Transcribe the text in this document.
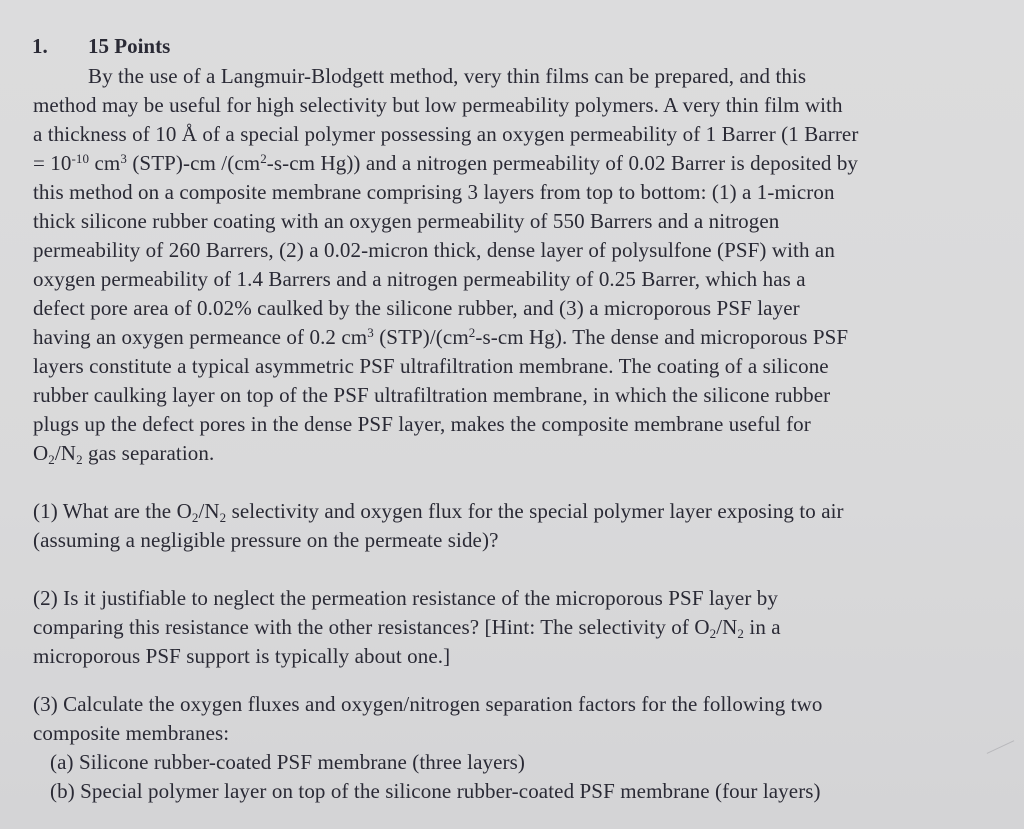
1. 15 Points
By the use of a Langmuir-Blodgett method, very thin films can be prepared, and this
method may be useful for high selectivity but low permeability polymers. A very thin film with
a thickness of 10 Å of a special polymer possessing an oxygen permeability of 1 Barrer (1 Barrer
= $10^{-10}$ $cm^3$ (STP)-cm $/(cm^2-s-cm$ Hg)) and a nitrogen permeability of 0.02 Barrer is deposited by
this method on a composite membrane comprising 3 layers from top to bottom: (1) a 1-micron
thick silicone rubber coating with an oxygen permeability of 550 Barrers and a nitrogen
permeability of 260 Barrers, (2) a 0.02-micron thick, dense layer of polysulfone (PSF) with an
oxygen permeability of 1.4 Barrers and a nitrogen permeability of 0.25 Barrer, which has a
defect pore area of 0.02% caulked by the silicone rubber, and (3) a microporous PSF layer
having an oxygen permeance of 0.2 $cm^3$ $(STP)/(cm^2-s-cm$ Hg). The dense and microporous PSF
layers constitute a typical asymmetric PSF ultrafiltration membrane. The coating of a silicone
rubber caulking layer on top of the PSF ultrafiltration membrane, in which the silicone rubber
plugs up the defect pores in the dense PSF layer, makes the composite membrane useful for
$O_2/N_2$ gas separation.
(1) What are the $O_2/N_2$ selectivity and oxygen flux for the special polymer layer exposing to air
(assuming a negligible pressure on the permeate side)?
(2) Is it justifiable to neglect the permeation resistance of the microporous PSF layer by
comparing this resistance with the other resistances? [Hint: The selectivity of $O_2/N_2$ in a
microporous PSF support is typically about one.]
(3) Calculate the oxygen fluxes and oxygen/nitrogen separation factors for the following two
composite membranes:
(a) Silicone rubber-coated PSF membrane (three layers)
(b) Special polymer layer on top of the silicone rubber-coated PSF membrane (four layers)
